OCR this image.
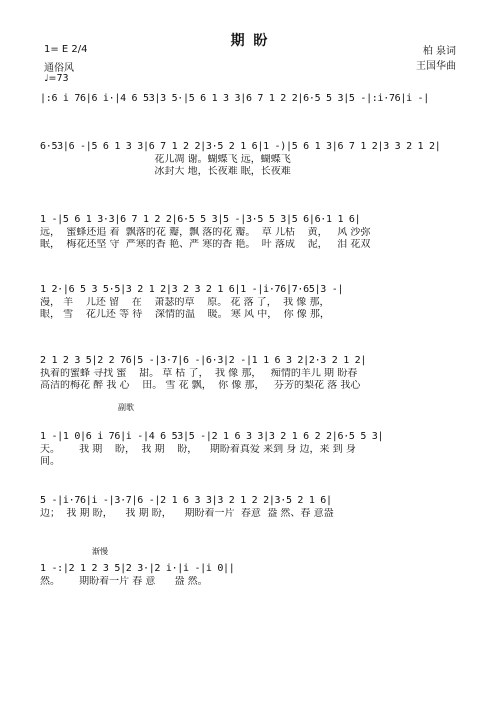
期 盼
1= E 2/4
通俗风
♩=73
柏 泉词
王国华曲
副歌
渐慢
|:6 i 76|6 i·|4 6 53|3 5·|5 6 1 3 3|6 7 1 2 2|6·5 5 3|5 -|:i·76|i -|
6·53|6 -|5 6 1 3 3|6 7 1 2 2|3·5 2 1 6|1 -)|5 6 1 3|6 7 1 2|3 3 2 1 2|
花儿凋 谢。蝴蝶飞 远，蝴蝶飞
冰封大 地，长夜难 眠，长夜难
1 -|5 6 1 3·3|6 7 1 2 2|6·5 5 3|5 -|3·5 5 3|5 6|6·1 1 6|
远，  蜜蜂还追 着  飘落的花 瓣，飘 落的花 瓣。  草 儿枯    黄，   风 沙弥
眠，  梅花还坚 守  严寒的香 艳、严 寒的香 艳。  叶 落成    泥，   泪 花双
1 2·|6 5 3 5·5|3 2 1 2|3 2 3 2 1 6|1 -|i·76|7·65|3 -|
漫， 羊    儿还 留    在    萧瑟的草    原。 花 落 了，  我 像 那，
眼， 雪    花儿还 等 待    深情的温    暖。 寒 风 中，  你 像 那，
2 1 2 3 5|2 2 76|5 -|3·7|6 -|6·3|2 -|1 1 6 3 2|2·3 2 1 2|
执着的蜜蜂 寻找 蜜    甜。 草 枯 了，  我 像 那，   痴情的羊儿 期 盼春
高洁的梅花 醉 我 心    田。 雪 花 飘，  你 像 那，   芬芳的梨花 落 我心
1 -|1 0|6 i 76|i -|4 6 53|5 -|2 1 6 3 3|3 2 1 6 2 2|6·5 5 3|
天。      我 期    盼，  我 期    盼，    期盼着真爱 来到 身 边，来 到 身
间。
5 -|i·76|i -|3·7|6 -|2 1 6 3 3|3 2 1 2 2|3·5 2 1 6|
边；  我 期 盼，    我 期 盼，    期盼着一片  春意  盎 然、春 意盎
1 -:|2 1 2 3 5|2 3·|2 i·|i -|i 0||
然。      期盼着一片 春 意      盎 然。
